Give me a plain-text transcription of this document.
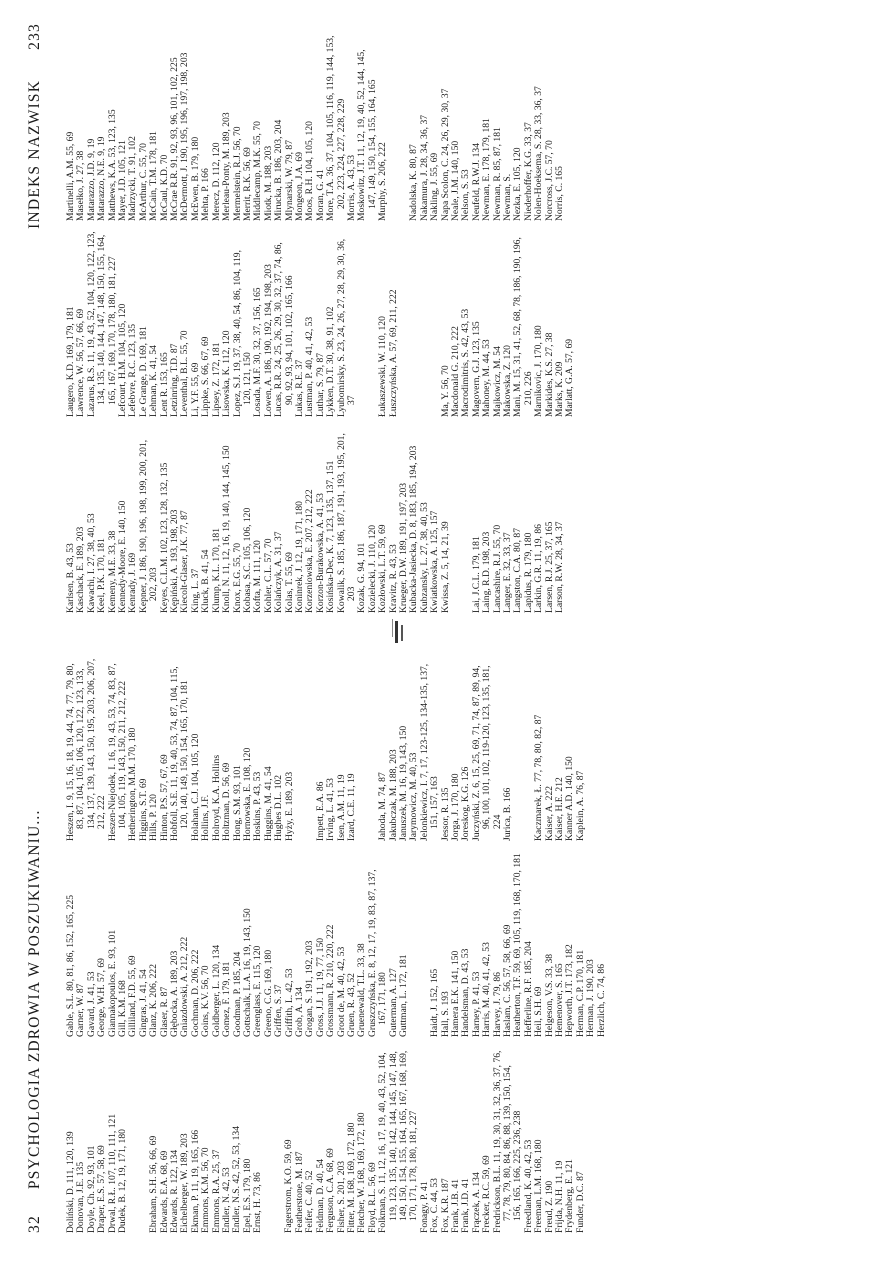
32PSYCHOLOGIA ZDROWIA W POSZUKIWANIU... Doliński, D. 111, 120, 139 Donovan, J.E. 135 Doyle, Ch. 92, 93, 101 Draper, E.S. 57, 58, 69 Drwal, R.Ł. 107, 110, 111, 121 Dudek, B. 12, 19, 171, 180 Ebraham, S.H. 56, 66, 69 Edwards, E.A. 68, 69 Edwards, R. 122, 134 Eichelberger, W. 189, 203 Ekman, P. 11, 19, 165, 166 Emmons, K.M. 56, 70 Emmons, R.A. 25, 37 Endler, N. 42, 53 Endler, N.S. 42, 52, 53, 134 Epel, E.S. 179, 180 Ernst, H. 73, 86 Fagerstrom, K.O. 59, 69 Featherstone, M. 187 Feifer, C. 40, 52 Feldman, D. 40, 54 Ferguson, C.A. 68, 69 Fisher, S. 201, 203 Fitter, M. 168, 169, 172, 180 Fletcher, W. 168, 169, 172, 180 Floyd, R.L. 56, 69 Folkman, S. 11, 12, 16, 17, 19, 40, 43, 52, 104, 119, 123, 135, 140, 142, 144, 145, 147, 148, 149, 150, 154, 155, 164, 165, 167, 168, 169, 170, 171, 178, 180, 181, 227 Fonagy, P. 41 Fox, C. 44, 53 Fox, K.R. 187 Frank, J.B. 41 Frank, J.D. 41 Frączek, A. 134 Frecker, R.C. 59, 69 Fredrickson, B.L. 11, 19, 30, 31, 32, 36, 37, 76, 77, 78, 79, 80, 84, 86, 88, 139, 150, 154, 156, 165, 166, 225, 236, 238 Freedland, K. 40, 42, 53 Freeman, L.M. 168, 180 Freud, Z. 190 Frijda, N.H. 11, 19 Frydenberg, E. 121 Funder, D.C. 87
Gable, S.L. 80, 81, 86, 152, 165, 225 Garner, W. 87 Gavard, J. 41, 53 George, W.H. 57, 69 Giannakopoulos, E. 93, 101 Gill, K.M. 168 Gilliland, F.D. 55, 69 Gingras, J. 41, 54 Glanz, K. 206, 222 Glaser, R. 87 Głębocka, A. 189, 203 Gniazdowski, A. 212, 222 Gochman, D. 206, 222 Goins, K.V. 56, 70 Goldberger, L. 120, 134 Gomez, F. 179, 181 Goodman, P. 185, 204 Gottschalk, L.A. 16, 19, 143, 150 Greenglass, E. 115, 120 Greeno, C.G. 169, 180 Griffen, S. 37 Griffith, L. 42, 53 Grob, A. 134 Grogan, S. 191, 192, 203 Gross, J.J. 11, 19, 77, 150 Grossmann, R. 210, 220, 222 Groot de, M. 40, 42, 53 Gruen, R. 43, 52 Gruenewald, T.L. 33, 38 Gruszczyńska, E. 8, 12, 17, 19, 83, 87, 137, 167, 171, 180 Guterman, A. 127 Guttman, L. 172, 181 Haidt, J. 152, 165 Hall, S. 193 Hamera E.K. 141, 150 Handelsman, D. 43, 53 Harney, P. 41, 53 Harris, M. 40, 41, 42, 53 Harvey, J. 79, 86 Haslam, C. 56, 57, 58, 66, 69 Heatherton, T.F. 59, 69, 105, 119, 168, 170, 181 Hefferline, R.F. 185, 204 Heil, S.H. 69 Helgeson, V.S. 33, 38 Hemenover, S. 165 Hepworth, J.T. 173, 182 Herman, C.P. 170, 181 Herman, J. 190, 203 Herzlich, C. 74, 86
Heszen, I. 9, 15, 16, 18, 19, 44, 74, 77, 79, 80, 83, 87, 104, 105, 106, 120, 122, 123, 133, 134, 137, 139, 143, 150, 195, 203, 206, 207, 212, 222 Heszen-Niejodek, I. 16, 19, 43, 53, 74, 83, 87, 104, 105, 119, 143, 150, 211, 212, 222 Hetherington, M.M. 170, 180 Higgins, S.T. 69 Hills, P. 120 Hinton, P.S. 57, 67, 69 Hobfoll, S.E. 11, 19, 40, 53, 74, 87, 104, 115, 120, 140, 149, 150, 154, 165, 170, 181 Holahan, C.J. 104, 105, 120 Hollins, J.F. Holroyd, K.A. Hollins Holtzman, D. 56, 69 Hong, S.M. 93, 101 Hornowska, E. 108, 120 Hoskins, P. 43, 53 Huggins, M. 41, 54 Hughes D.L. 102 Hyży, E. 189, 203 Impett, E.A. 86 Irving, L. 41, 53 Isen, A.M. 11, 19 Izard, C.E. 11, 19 Jahoda, M. 74, 87 Jakubczak, M. 188, 203 Januszek, M. 16, 19, 143, 150 Jarymowicz, M. 40, 53 Jelonkiewicz, I. 7, 17, 123-125, 134-135, 137, 151, 157, 163 Jessor, R. 135 Jorga, J. 170, 180 Joreskog, K.G. 126 Juczyński, Z. 6, 15, 25, 69, 71, 74, 87, 89, 94, 96, 100, 101, 102, 119-120, 123, 135, 181, 224 Jurica, B. 166 Kaczmarek, Ł. 77, 78, 80, 82, 87 Kaiser, A. 222 Kaiser, H.E. 212 Kanner A.D. 140, 150 Kaplein, A. 76, 87
INDEKS NAZWISK233
Karlsen, B. 43, 53 Kaschack, E. 189, 203 Kawachi, I. 27, 38, 40, 53 Keel, P.K. 170, 181 Kemeny, M.E. 33, 38 Kennedy-Moore, E. 140, 150 Kenrady, J. 169 Kepner, J. 186, 190, 196, 198, 199, 200, 201, 202, 203 Keyes, C.L.M. 102, 123, 128, 132, 135 Kępiński, A. 193, 198, 203 Kiecolt-Glaser, J.K. 77, 87 King, L. 37 Kluck, B. 41, 54 Klump, K.L. 170, 181 Knoll, N. 11, 12, 16, 19, 140, 144, 145, 150 Knox, E.G. 55, 70 Kobasa, S.C. 105, 106, 120 Kofta, M. 111, 120 Kohler, C.L. 57, 70 Kolańczyk, A. 31, 37 Kolas, T. 55, 69 Koninrek, J. 12, 19, 171, 180 Korzeniowska, E. 207, 212, 222 Korzon-Burakowska, A. 41, 53 Kosińska-Dec, K. 7, 123, 135, 137, 151 Kowalik, S. 185, 186, 187, 191, 193, 195, 201, 203 Kozak, G. 94, 101 Kozielecki, J. 110, 120 Kozłowski, L.T. 59, 69 Kravitz, R. 43, 53 Krueger, D.W. 189, 191, 197, 203 Kubacka-Jasiecka, D. 8, 183, 185, 194, 203 Kubzansky, L. 27, 38, 40, 53 Kwiatkowska, A. 125, 157 Kwissa, Z. 5, 14, 21, 39 Lai, J.C.L. 179, 181 Laing, R.D. 198, 203 Lancashire, R.J. 55, 70 Langer, E. 32, 33, 37 Langston, C.A. 80, 87 Lapidus, R. 179, 180 Larkin, G.R. 11, 19, 86 Larsen, R.J. 25, 37, 165 Larson, R.W. 28, 34, 37
Laugero, K.D. 169, 179, 181 Lawrence, W. 56, 57, 66, 69 Lazarus, R.S. 11, 19, 43, 52, 104, 120, 122, 123, 134, 135, 140, 144, 147, 148, 150, 155, 164, 165, 167, 169, 170, 178, 180, 181, 227 Lefcourt, H.M. 104, 105, 120 Lefebvre, R.C. 123, 135 Le Grange, D. 169, 181 Lehman, K. 41, 54 Lent R. 153, 165 Letzinring, T.D. 87 Leventhal, B.L. 55, 70 Li, Y.F. 55, 69 Lippke, S. 66, 67, 69 Lipsey, Z. 172, 181 Lisowska, K. 112, 120 Lopez, S.J. 19, 37, 38, 40, 54, 86, 104, 119, 120, 121, 150 Losada, M.F. 30, 32, 37, 156, 165 Lowen, A. 186, 190, 192, 194, 198, 203 Lucas, R.R. 24, 25, 26, 29, 30, 32, 37, 74, 86, 90, 92, 93, 94, 101, 102, 165, 166 Lukas, R.E. 37 Lustman, P. 40, 41, 42, 53 Luthar, S. 79, 87 Lykken, D.T. 30, 38, 91, 102 Lyubomirsky, S. 23, 24, 26, 27, 28, 29, 30, 36, 37 Łukaszewski, W. 110, 120 Łuszczyńska, A. 57, 69, 211, 222	Ma, Y. 56, 70 Macdonald G. 210, 222 Macrodimitris, S. 42, 43, 53 Magovern, G.J. 123, 135 Mahoney, M. 44, 53 Majkowicz, M. 54 Makowska, Z. 120 Mani, M. 15, 31, 41, 52, 68, 78, 186, 190, 196, 210, 226 Marnikovic, J. 170, 180 Markides, K.S. 27, 38 Marks, K. 209 Marlatt, G.A. 57, 69
Martinelli, A.M. 55, 69 Masełko, J. 27, 38 Matarazzo, J.D. 9, 19 Matarazzo, N.E. 9, 19 Matthews, K.A. 53, 123, 135 Mayer, J.D. 105, 121 Madrzycki, T. 91, 102 McArthur, C. 55, 70 McCain, T.M. 178, 181 McCaul, K.D. 70 McCrae R.R. 91, 92, 93, 96, 101, 102, 225 McDermott, J. 190, 195, 196, 197, 198, 203 McEwen, B. 179, 180 Mehta, P. 166 Merecz, D. 112, 120 Merleau-Ponty, M. 189, 203 Mermelstein, R.J. 56, 70 Merrit, R.K. 56, 69 Middlecamp, M.K. 55, 70 Miotk, M. 188, 203 Mirucka, B. 186, 203, 204 Mlynarski, W. 79, 87 Mongeon, J.A. 69 Moos, R.H. 104, 105, 120 Moran, G. 41 More, T.A. 36, 37, 104, 105, 116, 119, 144, 153, 202, 223, 224, 227, 228, 229 Morris, A. 43, 53 Moskowitz, J.T. 11, 12, 19, 40, 52, 144, 145, 147, 149, 150, 154, 155, 164, 165 Murphy, S. 206, 222 Nadolska, K. 80, 87 Nakamura, J. 28, 34, 36, 37 Nakling, J. 55, 69 Napa Scolon, C. 24, 26, 29, 30, 37 Neale, J.M. 140, 150 Nelson, S. 53 Neufeld, R.W.J. 134 Newman, E. 178, 179, 181 Newman, R. 85, 87, 181 Newman, S. Nezka, E. 105, 120 Niederhoffer, K.G. 33, 37 Nolen-Hoeksema, S. 28, 33, 36, 37 Norcross, J.C. 57, 70 Norris, C. 165
